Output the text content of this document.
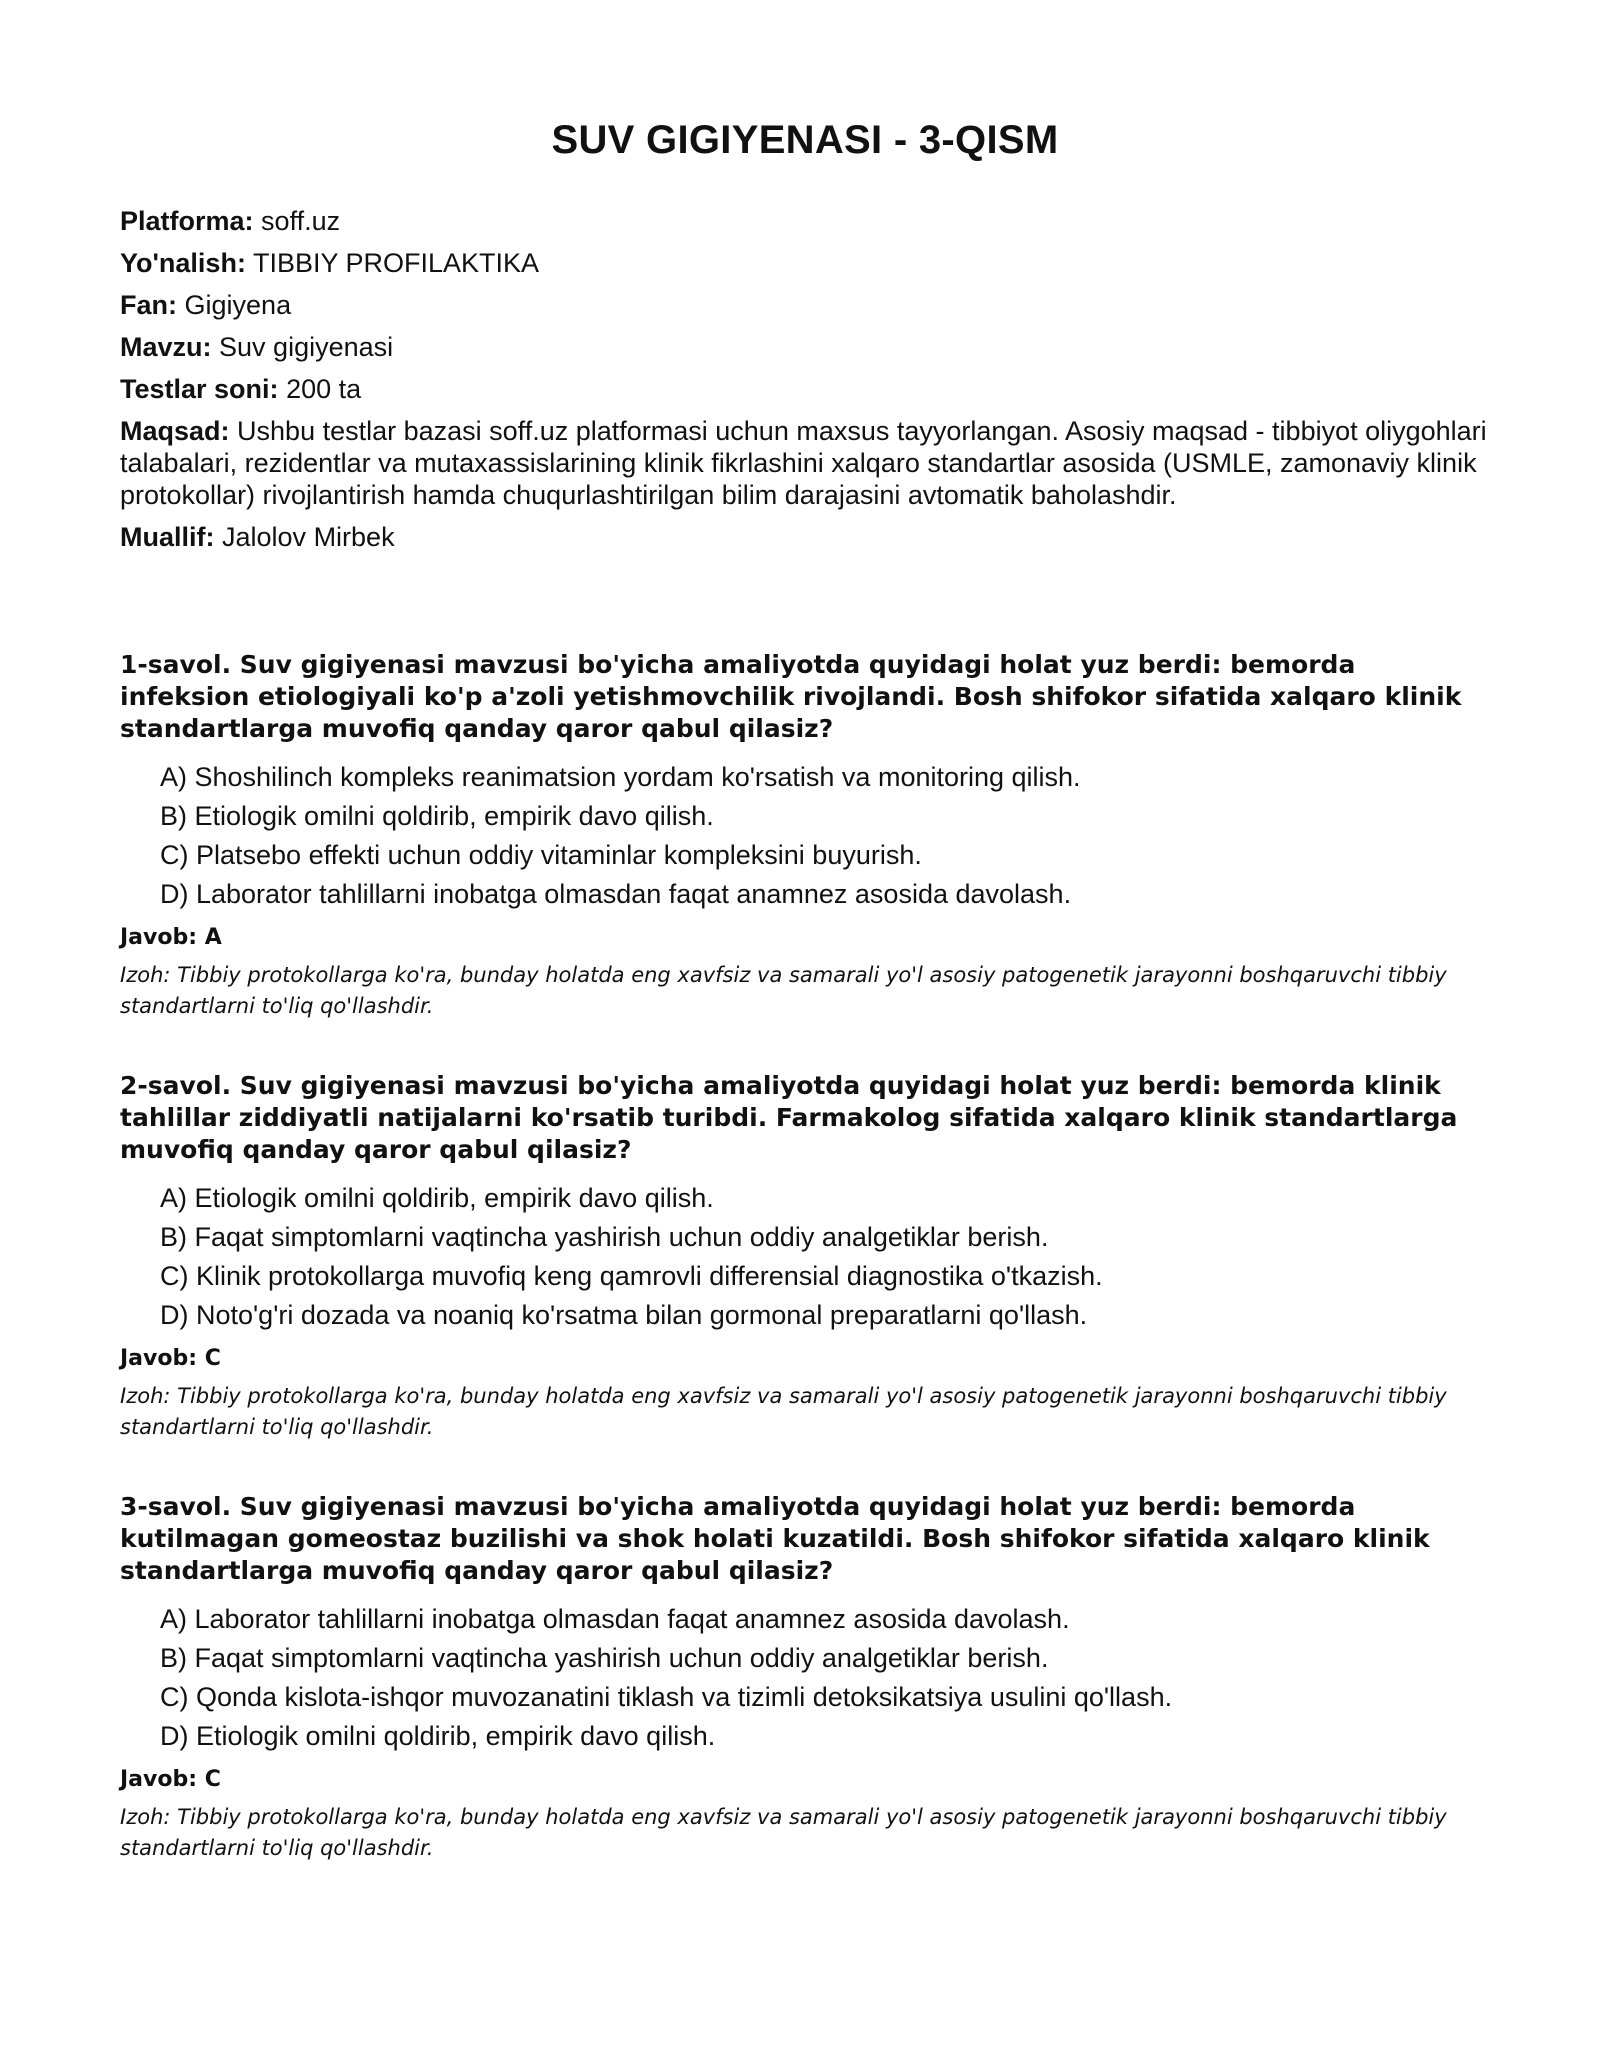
SUV GIGIYENASI - 3-QISM
Platforma: soff.uz
Yo'nalish: TIBBIY PROFILAKTIKA
Fan: Gigiyena
Mavzu: Suv gigiyenasi
Testlar soni: 200 ta
Maqsad: Ushbu testlar bazasi soff.uz platformasi uchun maxsus tayyorlangan. Asosiy maqsad - tibbiyot oliygohlari talabalari, rezidentlar va mutaxassislarining klinik fikrlashini xalqaro standartlar asosida (USMLE, zamonaviy klinik protokollar) rivojlantirish hamda chuqurlashtirilgan bilim darajasini avtomatik baholashdir.
Muallif: Jalolov Mirbek

1-savol. Suv gigiyenasi mavzusi bo'yicha amaliyotda quyidagi holat yuz berdi: bemorda infeksion etiologiyali ko'p a'zoli yetishmovchilik rivojlandi. Bosh shifokor sifatida xalqaro klinik standartlarga muvofiq qanday qaror qabul qilasiz?

A) Shoshilinch kompleks reanimatsion yordam ko'rsatish va monitoring qilish.
B) Etiologik omilni qoldirib, empirik davo qilish.
C) Platsebo effekti uchun oddiy vitaminlar kompleksini buyurish.
D) Laborator tahlillarni inobatga olmasdan faqat anamnez asosida davolash.
Javob: A

Izoh: Tibbiy protokollarga ko'ra, bunday holatda eng xavfsiz va samarali yo'l asosiy patogenetik jarayonni boshqaruvchi tibbiy standartlarni to'liq qo'llashdir.

2-savol. Suv gigiyenasi mavzusi bo'yicha amaliyotda quyidagi holat yuz berdi: bemorda klinik tahlillar ziddiyatli natijalarni ko'rsatib turibdi. Farmakolog sifatida xalqaro klinik standartlarga muvofiq qanday qaror qabul qilasiz?

A) Etiologik omilni qoldirib, empirik davo qilish.
B) Faqat simptomlarni vaqtincha yashirish uchun oddiy analgetiklar berish.
C) Klinik protokollarga muvofiq keng qamrovli differensial diagnostika o'tkazish.
D) Noto'g'ri dozada va noaniq ko'rsatma bilan gormonal preparatlarni qo'llash.
Javob: C

Izoh: Tibbiy protokollarga ko'ra, bunday holatda eng xavfsiz va samarali yo'l asosiy patogenetik jarayonni boshqaruvchi tibbiy standartlarni to'liq qo'llashdir.

3-savol. Suv gigiyenasi mavzusi bo'yicha amaliyotda quyidagi holat yuz berdi: bemorda kutilmagan gomeostaz buzilishi va shok holati kuzatildi. Bosh shifokor sifatida xalqaro klinik standartlarga muvofiq qanday qaror qabul qilasiz?

A) Laborator tahlillarni inobatga olmasdan faqat anamnez asosida davolash.
B) Faqat simptomlarni vaqtincha yashirish uchun oddiy analgetiklar berish.
C) Qonda kislota-ishqor muvozanatini tiklash va tizimli detoksikatsiya usulini qo'llash.
D) Etiologik omilni qoldirib, empirik davo qilish.
Javob: C

Izoh: Tibbiy protokollarga ko'ra, bunday holatda eng xavfsiz va samarali yo'l asosiy patogenetik jarayonni boshqaruvchi tibbiy standartlarni to'liq qo'llashdir.
